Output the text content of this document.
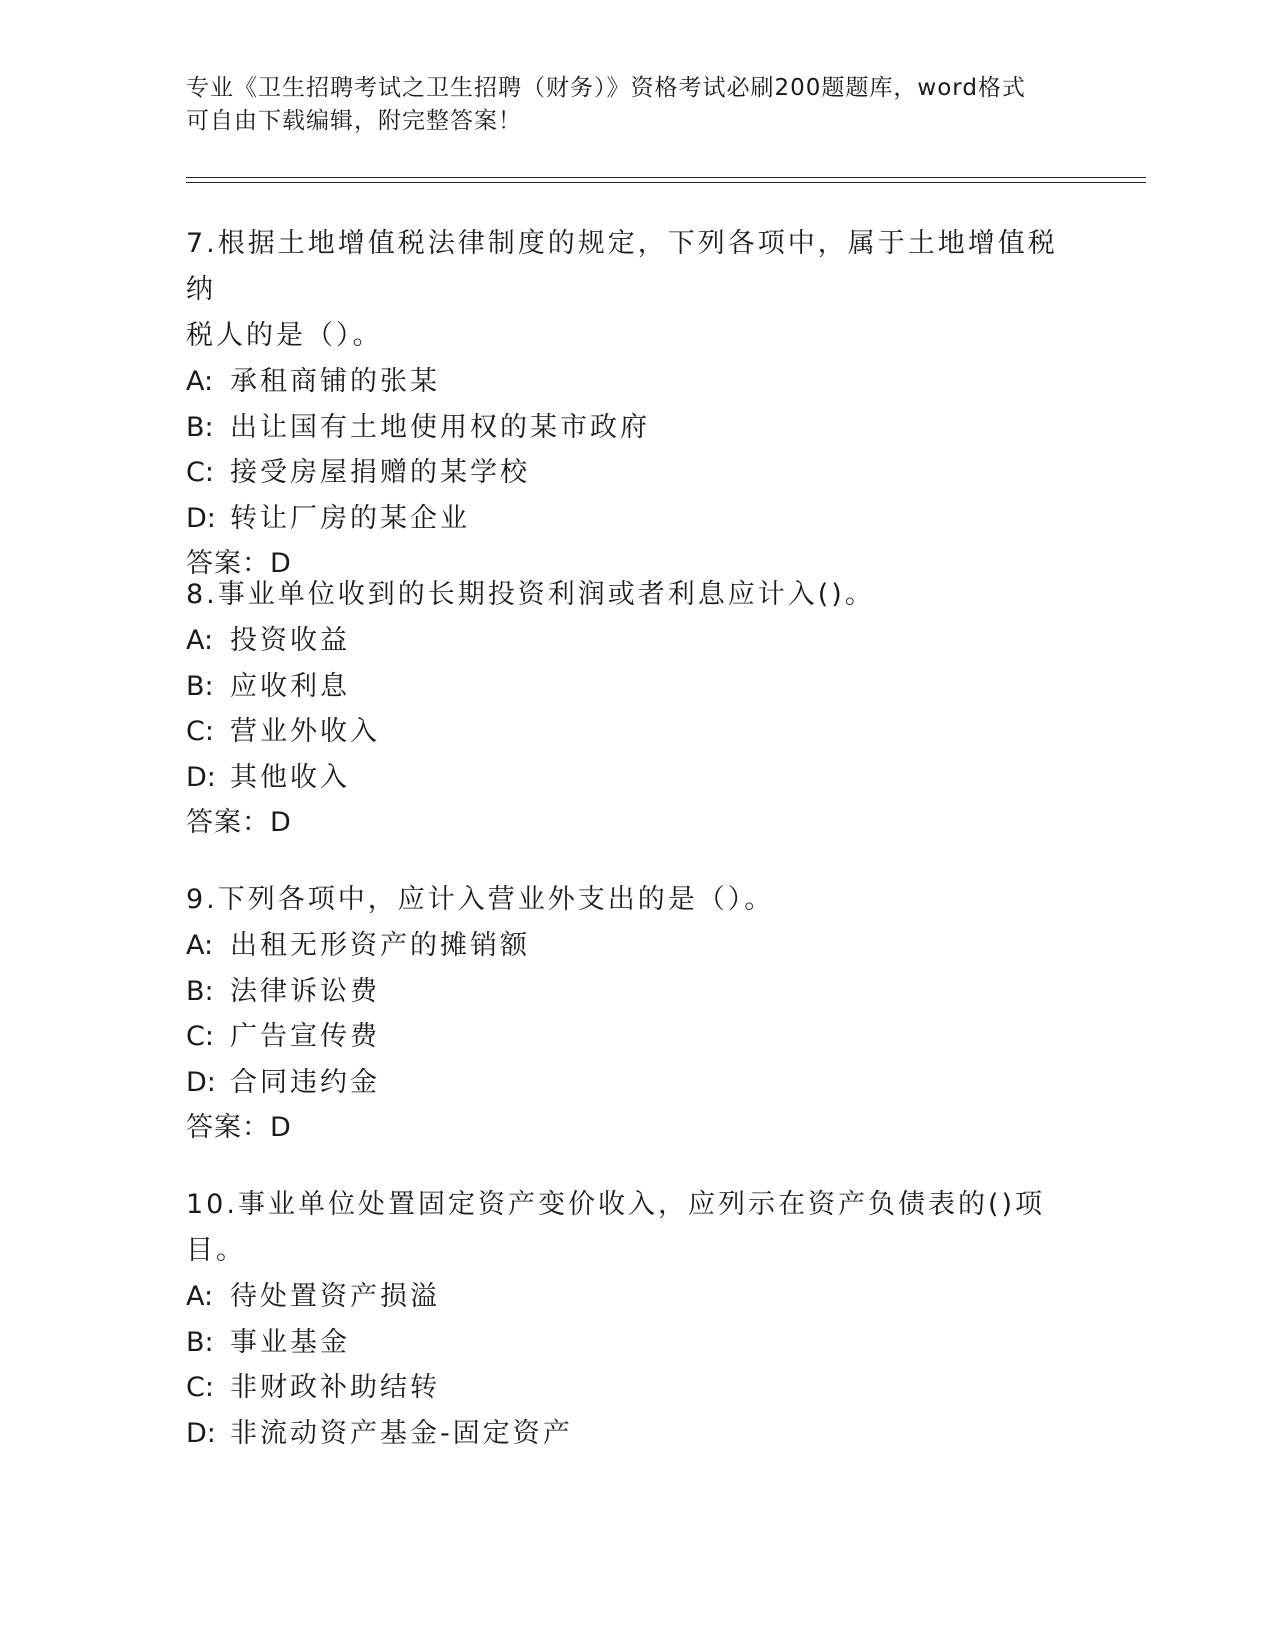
专业《卫生招聘考试之卫生招聘（财务）》资格考试必刷200题题库，word格式
可自由下载编辑，附完整答案！
7.根据土地增值税法律制度的规定，下列各项中，属于土地增值税纳
税人的是（）。
A: 承租商铺的张某
B: 出让国有土地使用权的某市政府
C: 接受房屋捐赠的某学校
D: 转让厂房的某企业
答案：D
8.事业单位收到的长期投资利润或者利息应计入()。
A: 投资收益
B: 应收利息
C: 营业外收入
D: 其他收入
答案：D
9.下列各项中，应计入营业外支出的是（）。
A: 出租无形资产的摊销额
B: 法律诉讼费
C: 广告宣传费
D: 合同违约金
答案：D
10.事业单位处置固定资产变价收入，应列示在资产负债表的()项目。
A: 待处置资产损溢
B: 事业基金
C: 非财政补助结转
D: 非流动资产基金-固定资产
